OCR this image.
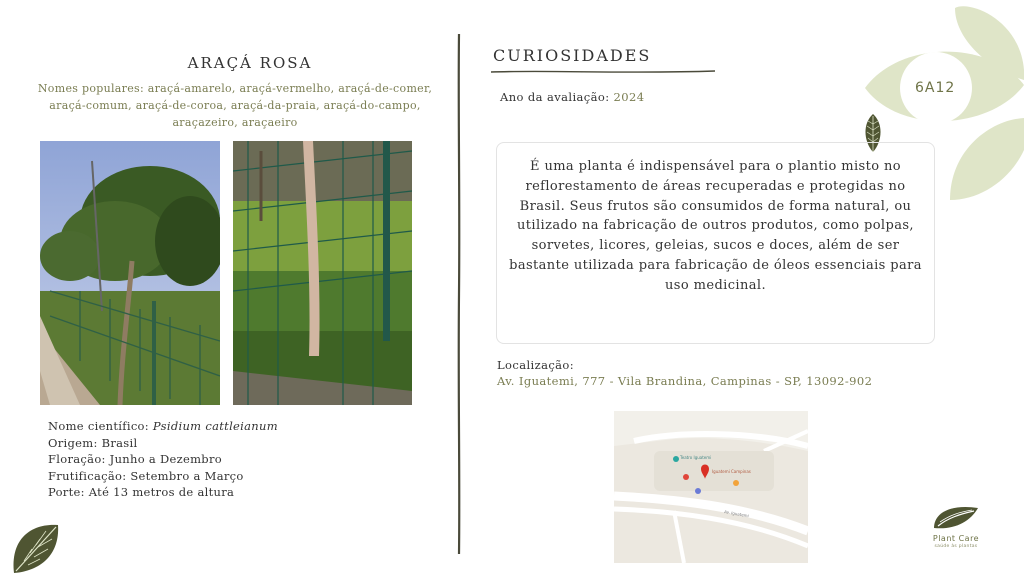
6A12
ARAÇÁ ROSA
Nomes populares: araçá-amarelo, araçá-vermelho, araçá-de-comer, araçá-comum, araçá-de-coroa, araçá-da-praia, araçá-do-campo, araçazeiro, araçaeiro
Nome científico: Psidium cattleianum
Origem: Brasil
Floração: Junho a Dezembro
Frutificação: Setembro a Março
Porte: Até 13 metros de altura
CURIOSIDADES
Ano da avaliação: 2024
É uma planta é indispensável para o plantio misto no reflorestamento de áreas recuperadas e protegidas no Brasil. Seus frutos são consumidos de forma natural, ou utilizado na fabricação de outros produtos, como polpas, sorvetes, licores, geleias, sucos e doces, além de ser bastante utilizada para fabricação de óleos essenciais para uso medicinal.
Localização:
Av. Iguatemi, 777 - Vila Brandina, Campinas - SP, 13092-902
Iguatemi Campinas
Teatro Iguatemi
Av. Iguatemi
Plant Care
saúde às plantas
